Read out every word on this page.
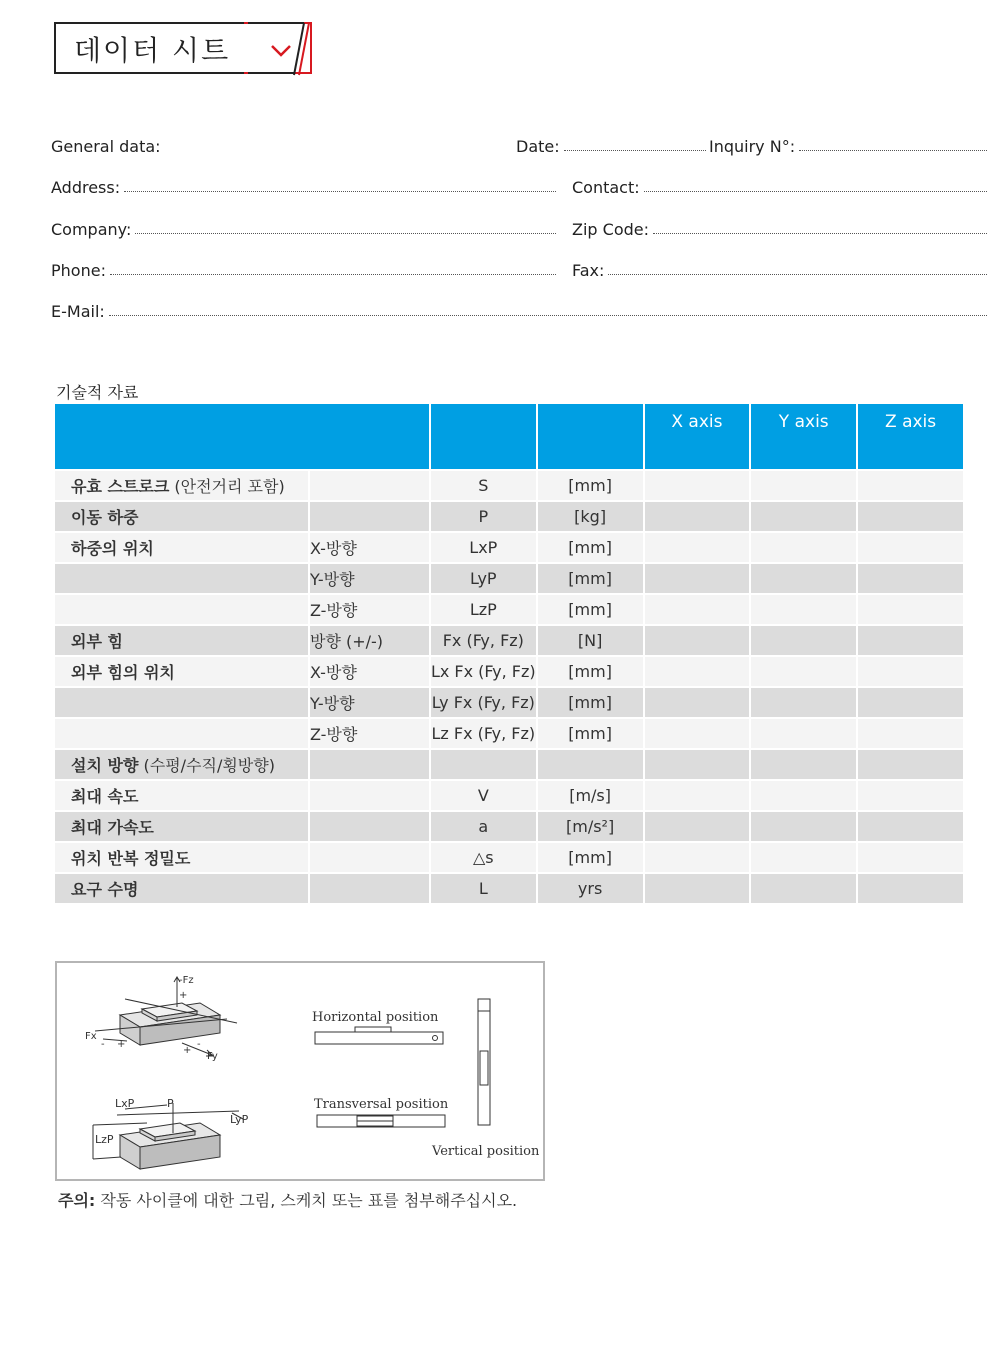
데이터 시트
General data:	Date:	Inquiry N°:
Address:	Contact:
Company:	Zip Code:
Phone:	Fax:
E-Mail:
기술적 자료
				X axis	Y axis	Z axis
유효 스트로크 (안전거리 포함)		S	[mm]			
이동 하중		P	[kg]			
하중의 위치	X-방향	LxP	[mm]			
	Y-방향	LyP	[mm]			
	Z-방향	LzP	[mm]			
외부 힘	방향 (+/-)	Fx (Fy, Fz)	[N]			
외부 힘의 위치	X-방향	Lx Fx (Fy, Fz)	[mm]			
	Y-방향	Ly Fx (Fy, Fz)	[mm]			
	Z-방향	Lz Fx (Fy, Fz)	[mm]			
설치 방향 (수평/수직/횡방향)						
최대 속도		V	[m/s]			
최대 가속도		a	[m/s²]			
위치 반복 정밀도		△s	[mm]			
요구 수명		L	yrs			
-Fz
+
Fx
- +
+
-
Fy
LxP	P
LyP
LzP
Horizontal position
Transversal position
Vertical position
주의: 작동 사이클에 대한 그림, 스케치 또는 표를 첨부해주십시오.
